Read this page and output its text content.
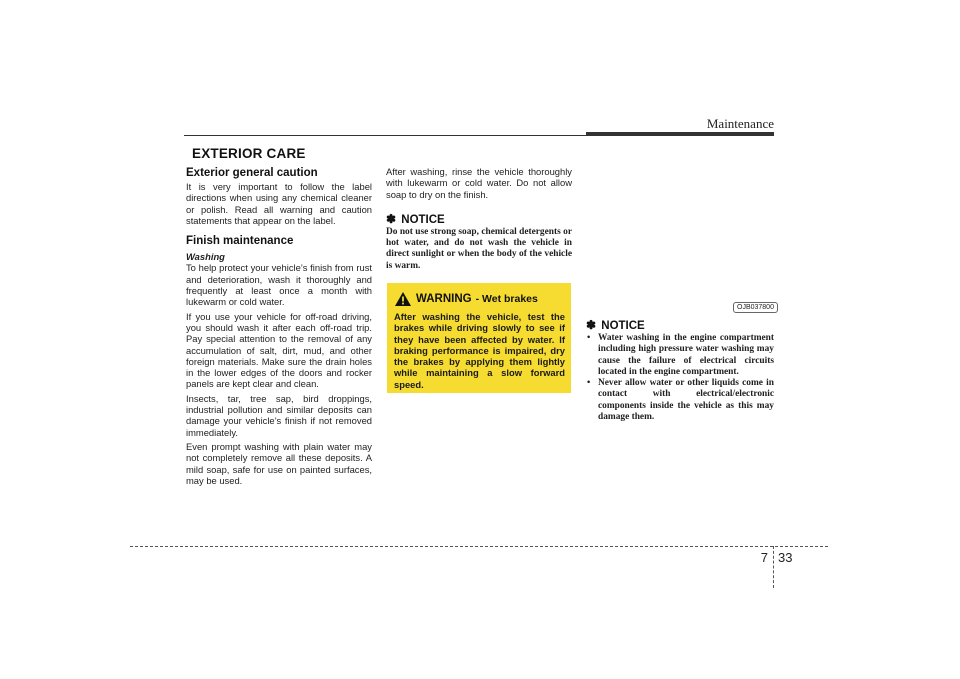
Maintenance
EXTERIOR CARE
Exterior general caution

It is very important to follow the label directions when using any chemical cleaner or polish. Read all warning and caution statements that appear on the label.

Finish maintenance

Washing

To help protect your vehicle’s finish from rust and deterioration, wash it thoroughly and frequently at least once a month with lukewarm or cold water.

If you use your vehicle for off-road driving, you should wash it after each off-road trip. Pay special attention to the removal of any accumulation of salt, dirt, mud, and other foreign materials. Make sure the drain holes in the lower edges of the doors and rocker panels are kept clear and clean.

Insects, tar, tree sap, bird droppings, industrial pollution and similar deposits can damage your vehicle’s finish if not removed immediately.

Even prompt washing with plain water may not completely remove all these deposits. A mild soap, safe for use on painted surfaces, may be used.

After washing, rinse the vehicle thoroughly with lukewarm or cold water. Do not allow soap to dry on the finish.

✽ NOTICE

Do not use strong soap, chemical detergents or hot water, and do not wash the vehicle in direct sunlight or when the body of the vehicle is warm.

WARNING - Wet brakes

After washing the vehicle, test the brakes while driving slowly to see if they have been affected by water. If braking performance is impaired, dry the brakes by applying them lightly while maintaining a slow forward speed.

OJB037800
✽ NOTICE
• Water washing in the engine compartment including high pressure water washing may cause the failure of electrical circuits located in the engine compartment.
• Never allow water or other liquids come in contact with electrical/electronic components inside the vehicle as this may damage them.
7 33
